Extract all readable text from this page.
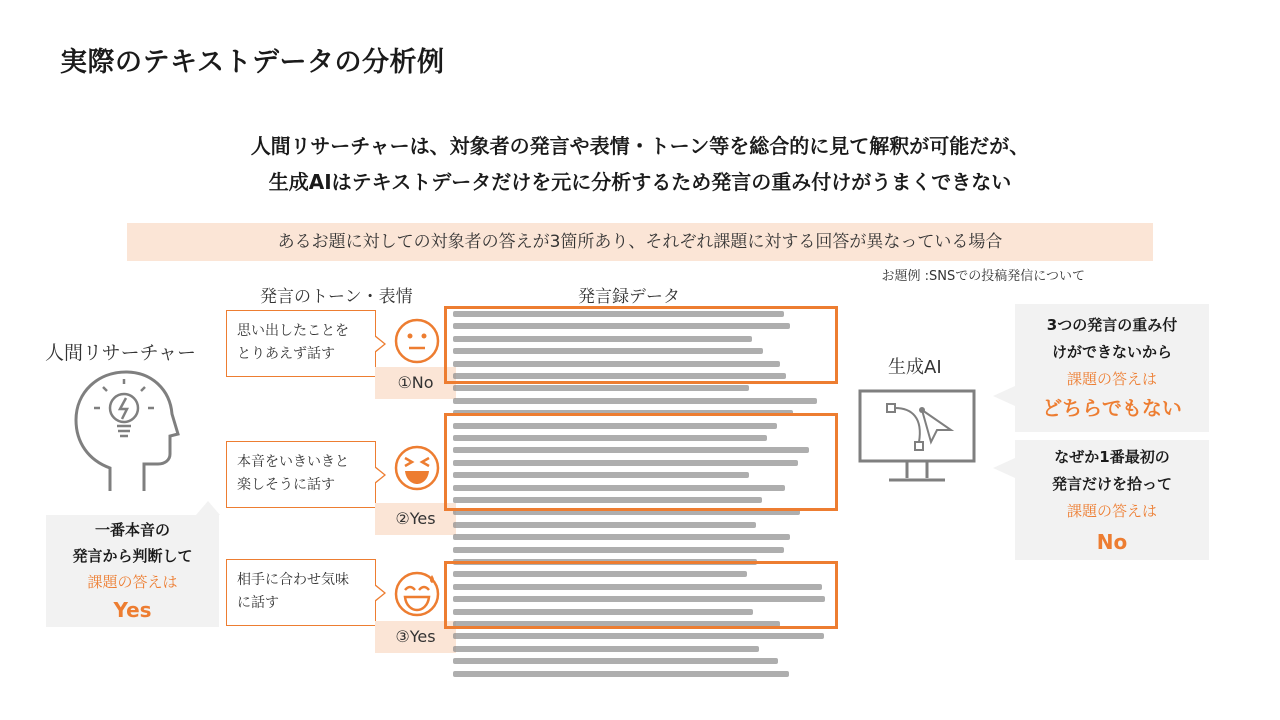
実際のテキストデータの分析例
人間リサーチャーは、対象者の発言や表情・トーン等を総合的に見て解釈が可能だが、
生成AIはテキストデータだけを元に分析するため発言の重み付けがうまくできない
あるお題に対しての対象者の答えが3箇所あり、それぞれ課題に対する回答が異なっている場合
お題例 :SNSでの投稿発信について
発言のトーン・表情	発言録データ
人間リサーチャー
一番本音の
発言から判断して
課題の答えは
Yes
思い出したことを
とりあえず話す
本音をいきいきと
楽しそうに話す
相手に合わせ気味
に話す
①No
②Yes
③Yes
生成AI
3つの発言の重み付
けができないから
課題の答えは
どちらでもない
なぜか1番最初の
発言だけを拾って
課題の答えは
No
